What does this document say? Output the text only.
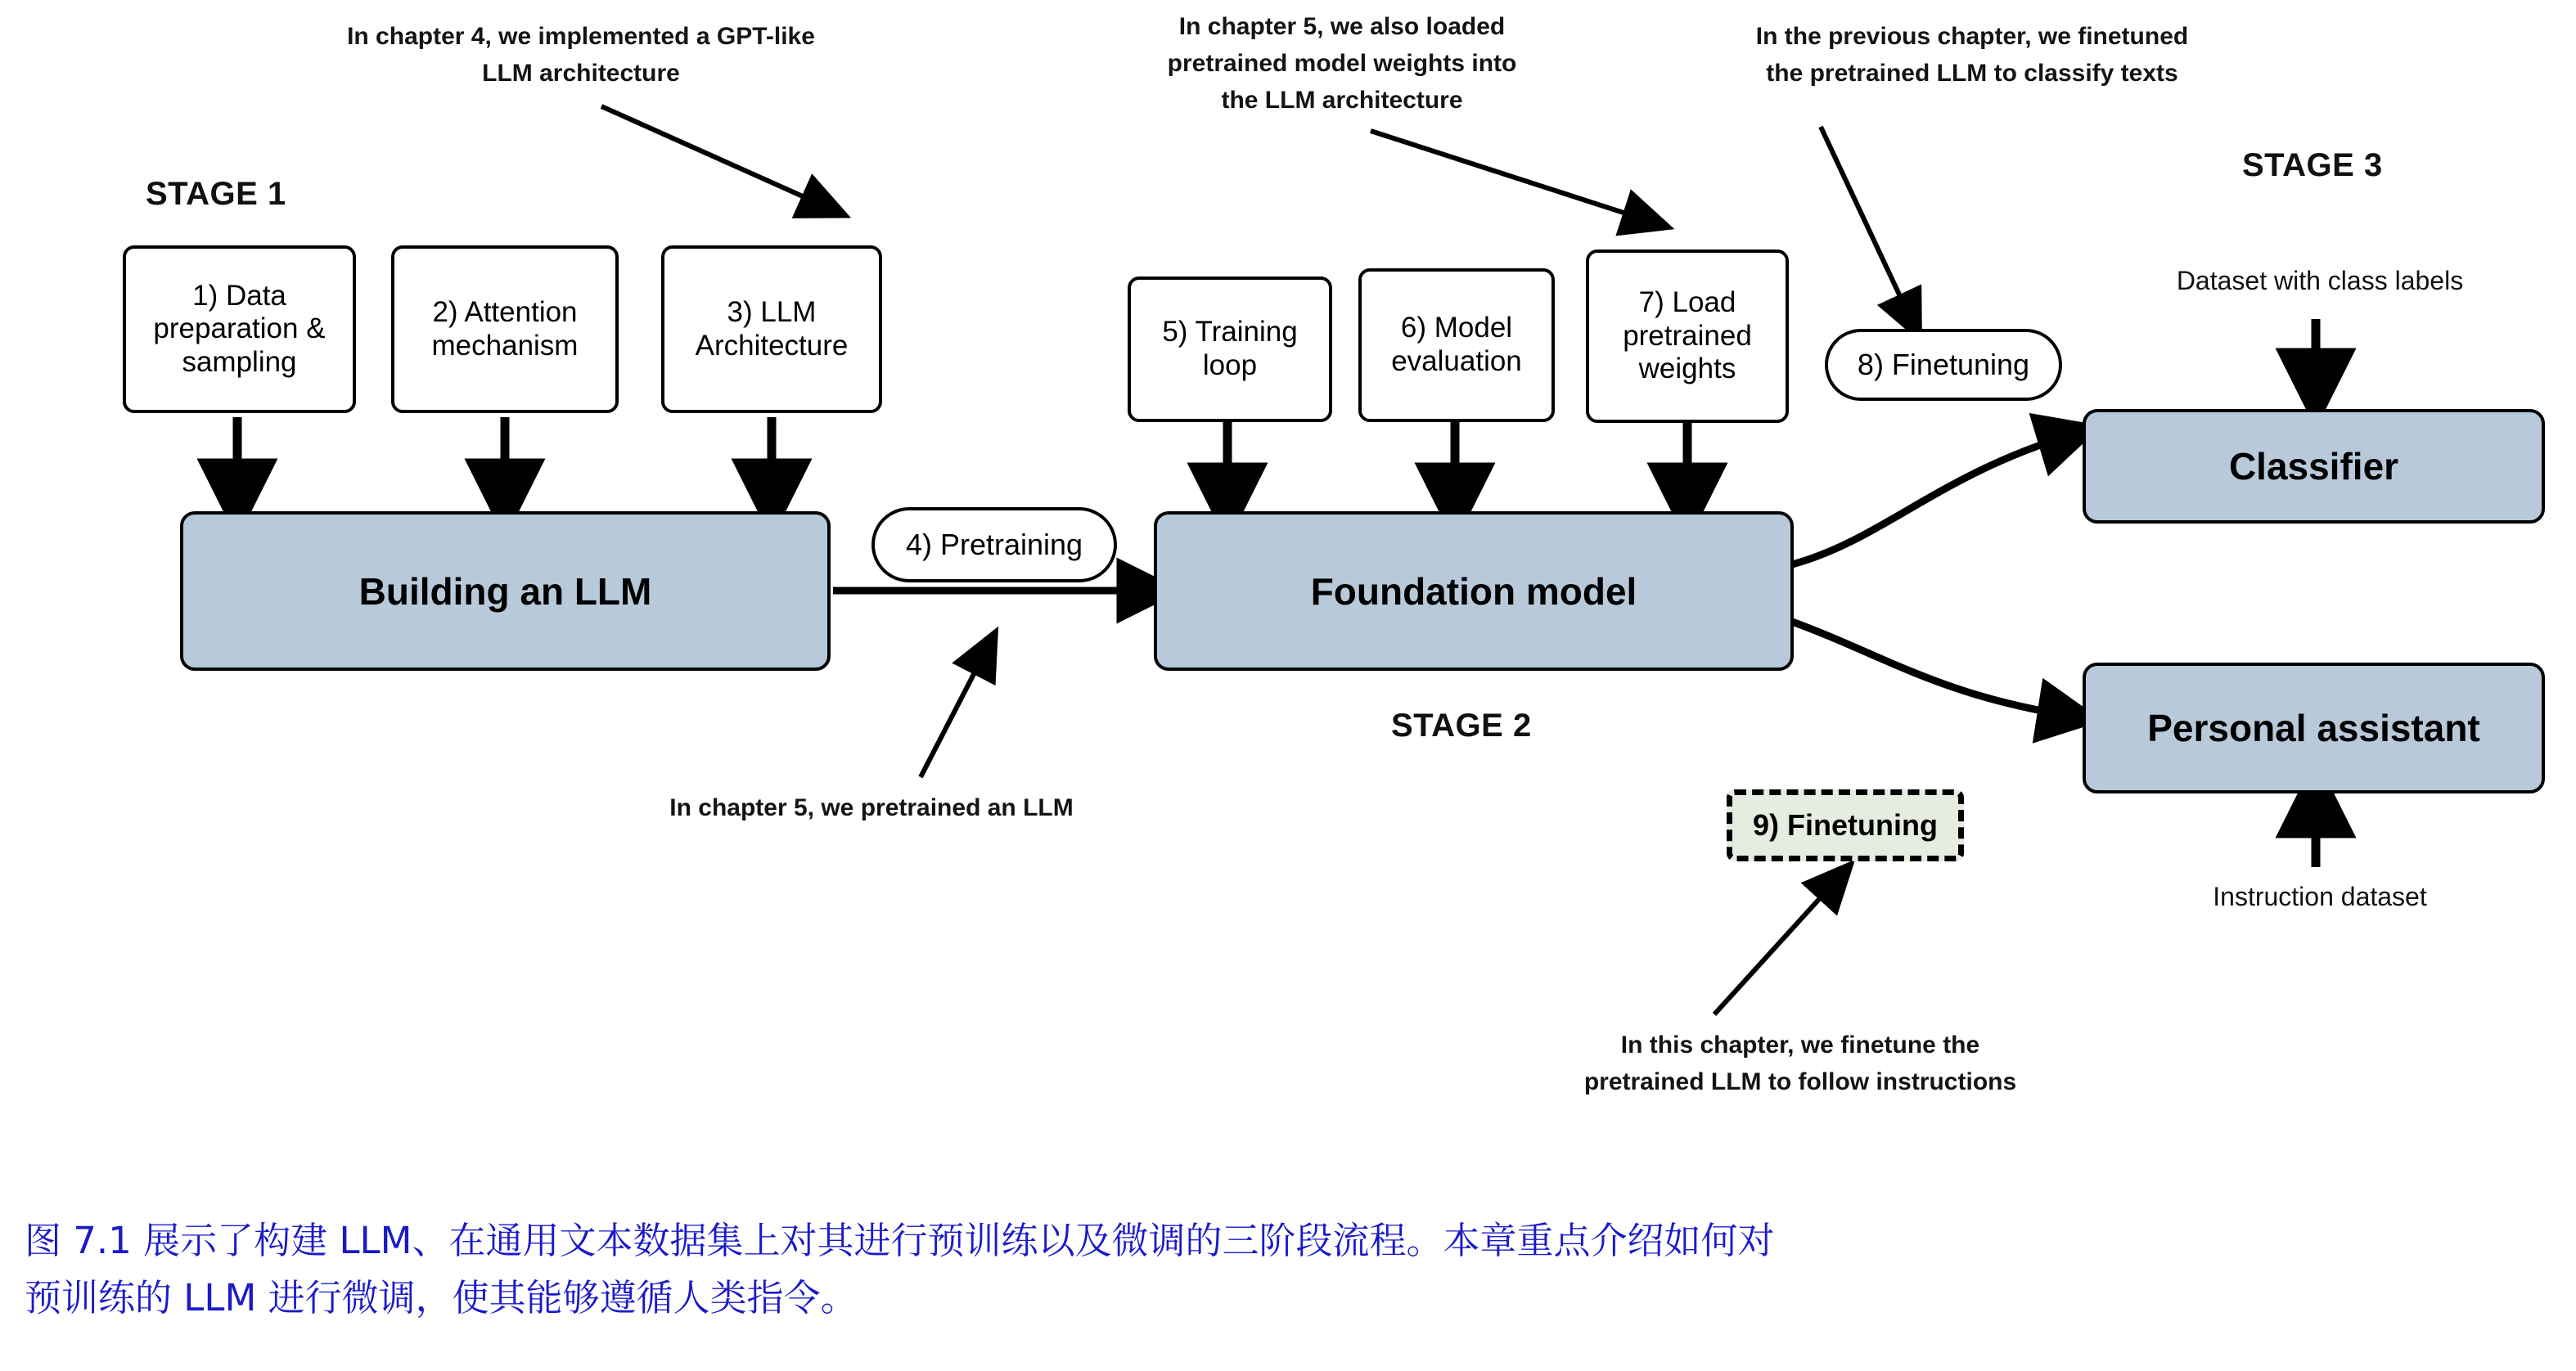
STAGE 1
STAGE 2
STAGE 3
1) Data preparation & sampling
2) Attention mechanism
3) LLM Architecture
Building an LLM
4) Pretraining
5) Training loop
6) Model evaluation
7) Load pretrained weights
Foundation model
8) Finetuning
9) Finetuning
Classifier
Personal assistant
Dataset with class labels
Instruction dataset
In chapter 4, we implemented a GPT-like
LLM architecture
In chapter 5, we also loaded
pretrained model weights into
the LLM architecture
In the previous chapter, we finetuned
the pretrained LLM to classify texts
In chapter 5, we pretrained an LLM
In this chapter, we finetune the
pretrained LLM to follow instructions
图 7.1 展示了构建 LLM、在通用文本数据集上对其进行预训练以及微调的三阶段流程。本章重点介绍如何对
预训练的 LLM 进行微调，使其能够遵循人类指令。
